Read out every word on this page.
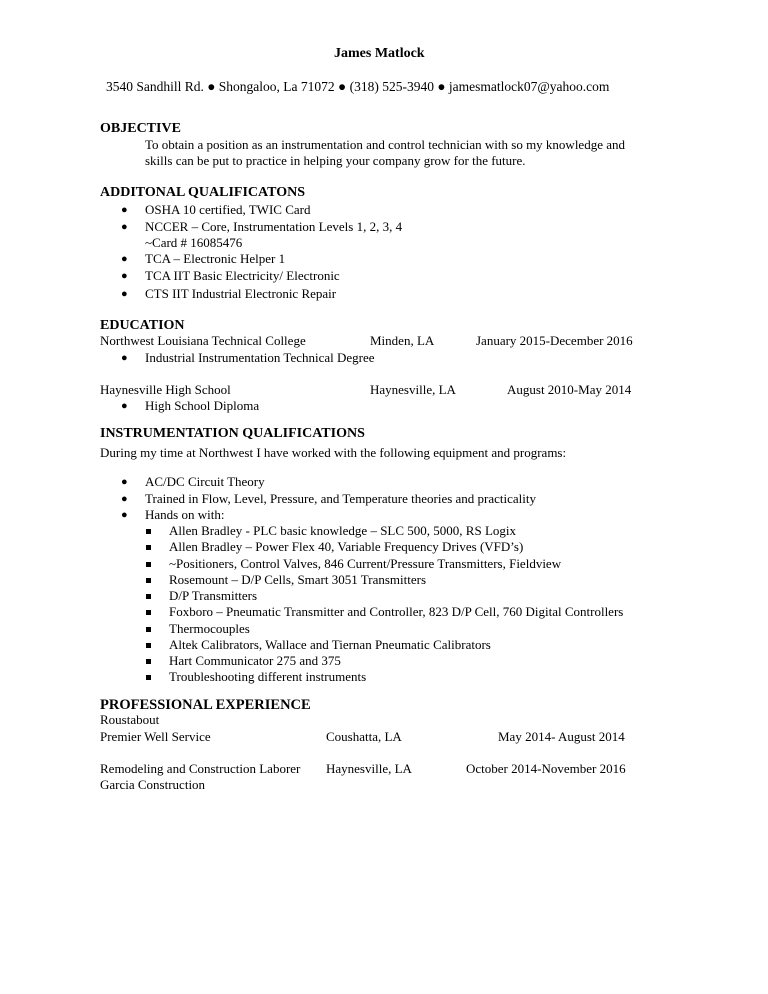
James Matlock
3540 Sandhill Rd. ● Shongaloo, La 71072 ● (318) 525-3940 ● jamesmatlock07@yahoo.com
OBJECTIVE
To obtain a position as an instrumentation and control technician with so my knowledge and
skills can be put to practice in helping your company grow for the future.
ADDITONAL QUALIFICATONS
● OSHA 10 certified, TWIC Card
● NCCER – Core, Instrumentation Levels 1, 2, 3, 4
~Card # 16085476
● TCA – Electronic Helper 1
● TCA IIT Basic Electricity/ Electronic
● CTS IIT Industrial Electronic Repair
EDUCATION
Northwest Louisiana Technical College	Minden, LA	January 2015-December 2016
● Industrial Instrumentation Technical Degree
Haynesville High School	Haynesville, LA	August 2010-May 2014
● High School Diploma
INSTRUMENTATION QUALIFICATIONS
During my time at Northwest I have worked with the following equipment and programs:
● AC/DC Circuit Theory
● Trained in Flow, Level, Pressure, and Temperature theories and practicality
● Hands on with:
Allen Bradley - PLC basic knowledge – SLC 500, 5000, RS Logix
Allen Bradley – Power Flex 40, Variable Frequency Drives (VFD’s)
~Positioners, Control Valves, 846 Current/Pressure Transmitters, Fieldview
Rosemount – D/P Cells, Smart 3051 Transmitters
D/P Transmitters
Foxboro – Pneumatic Transmitter and Controller, 823 D/P Cell, 760 Digital Controllers
Thermocouples
Altek Calibrators, Wallace and Tiernan Pneumatic Calibrators
Hart Communicator 275 and 375
Troubleshooting different instruments
PROFESSIONAL EXPERIENCE
Roustabout
Premier Well Service	Coushatta, LA	May 2014- August 2014
Remodeling and Construction Laborer Haynesville, LA	October 2014-November 2016
Garcia Construction
